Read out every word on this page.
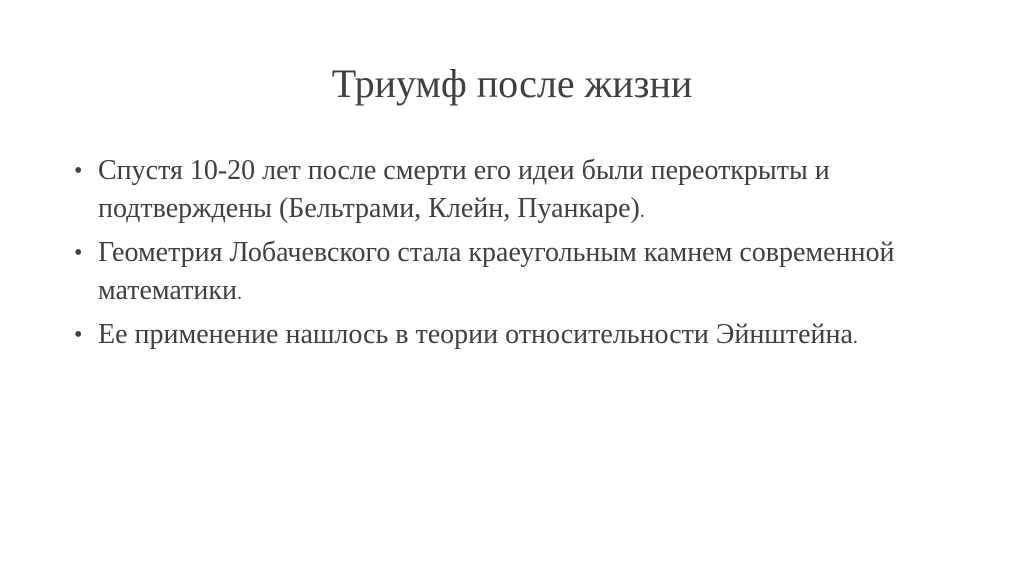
Триумф после жизни
• Спустя 10-20 лет после смерти его идеи были переоткрыты и подтверждены (Бельтрами, Клейн, Пуанкаре).
• Геометрия Лобачевского стала краеугольным камнем современной математики.
• Ее применение нашлось в теории относительности Эйнштейна.
